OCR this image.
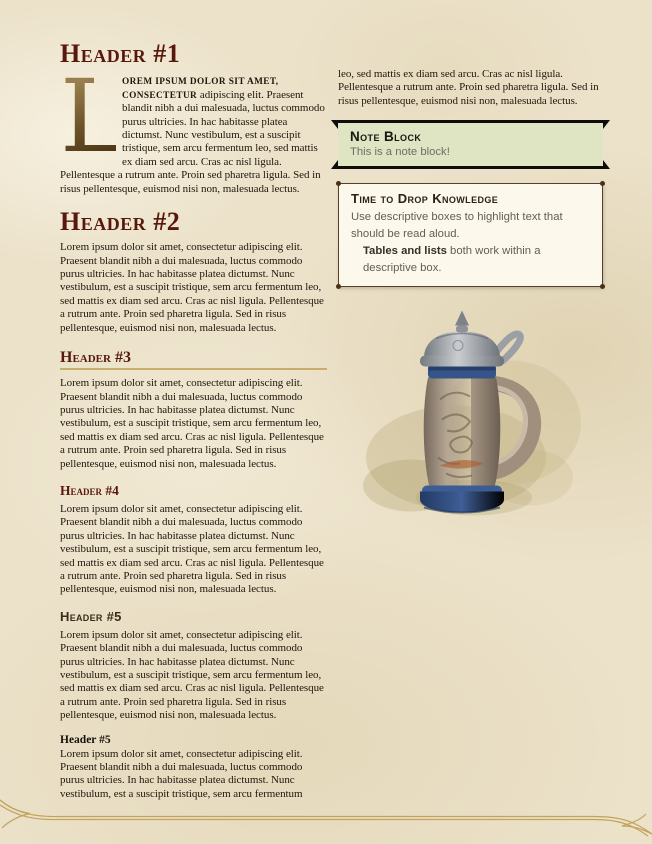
Header #1

L
OREM IPSUM DOLOR SIT AMET, CONSECTETUR adipiscing elit. Praesent blandit nibh a dui malesuada, luctus commodo purus ultricies. In hac habitasse platea dictumst. Nunc vestibulum, est a suscipit tristique, sem arcu fermentum leo, sed mattis ex diam sed arcu. Cras ac nisl ligula. Pellentesque a rutrum ante. Proin sed pharetra ligula. Sed in risus pellentesque, euismod nisi non, malesuada lectus.

Header #2

Lorem ipsum dolor sit amet, consectetur adipiscing elit. Praesent blandit nibh a dui malesuada, luctus commodo purus ultricies. In hac habitasse platea dictumst. Nunc vestibulum, est a suscipit tristique, sem arcu fermentum leo, sed mattis ex diam sed arcu. Cras ac nisl ligula. Pellentesque a rutrum ante. Proin sed pharetra ligula. Sed in risus pellentesque, euismod nisi non, malesuada lectus.

Header #3

Lorem ipsum dolor sit amet, consectetur adipiscing elit. Praesent blandit nibh a dui malesuada, luctus commodo purus ultricies. In hac habitasse platea dictumst. Nunc vestibulum, est a suscipit tristique, sem arcu fermentum leo, sed mattis ex diam sed arcu. Cras ac nisl ligula. Pellentesque a rutrum ante. Proin sed pharetra ligula. Sed in risus pellentesque, euismod nisi non, malesuada lectus.

Header #4

Lorem ipsum dolor sit amet, consectetur adipiscing elit. Praesent blandit nibh a dui malesuada, luctus commodo purus ultricies. In hac habitasse platea dictumst. Nunc vestibulum, est a suscipit tristique, sem arcu fermentum leo, sed mattis ex diam sed arcu. Cras ac nisl ligula. Pellentesque a rutrum ante. Proin sed pharetra ligula. Sed in risus pellentesque, euismod nisi non, malesuada lectus.

Header #5

Lorem ipsum dolor sit amet, consectetur adipiscing elit. Praesent blandit nibh a dui malesuada, luctus commodo purus ultricies. In hac habitasse platea dictumst. Nunc vestibulum, est a suscipit tristique, sem arcu fermentum leo, sed mattis ex diam sed arcu. Cras ac nisl ligula. Pellentesque a rutrum ante. Proin sed pharetra ligula. Sed in risus pellentesque, euismod nisi non, malesuada lectus.

Header #5

Lorem ipsum dolor sit amet, consectetur adipiscing elit. Praesent blandit nibh a dui malesuada, luctus commodo purus ultricies. In hac habitasse platea dictumst. Nunc vestibulum, est a suscipit tristique, sem arcu fermentum

leo, sed mattis ex diam sed arcu. Cras ac nisl ligula. Pellentesque a rutrum ante. Proin sed pharetra ligula. Sed in risus pellentesque, euismod nisi non, malesuada lectus.

Note Block
This is a note block!
Time to Drop Knowledge
Use descriptive boxes to highlight text that should be read aloud.
Tables and lists both work within a descriptive box.
